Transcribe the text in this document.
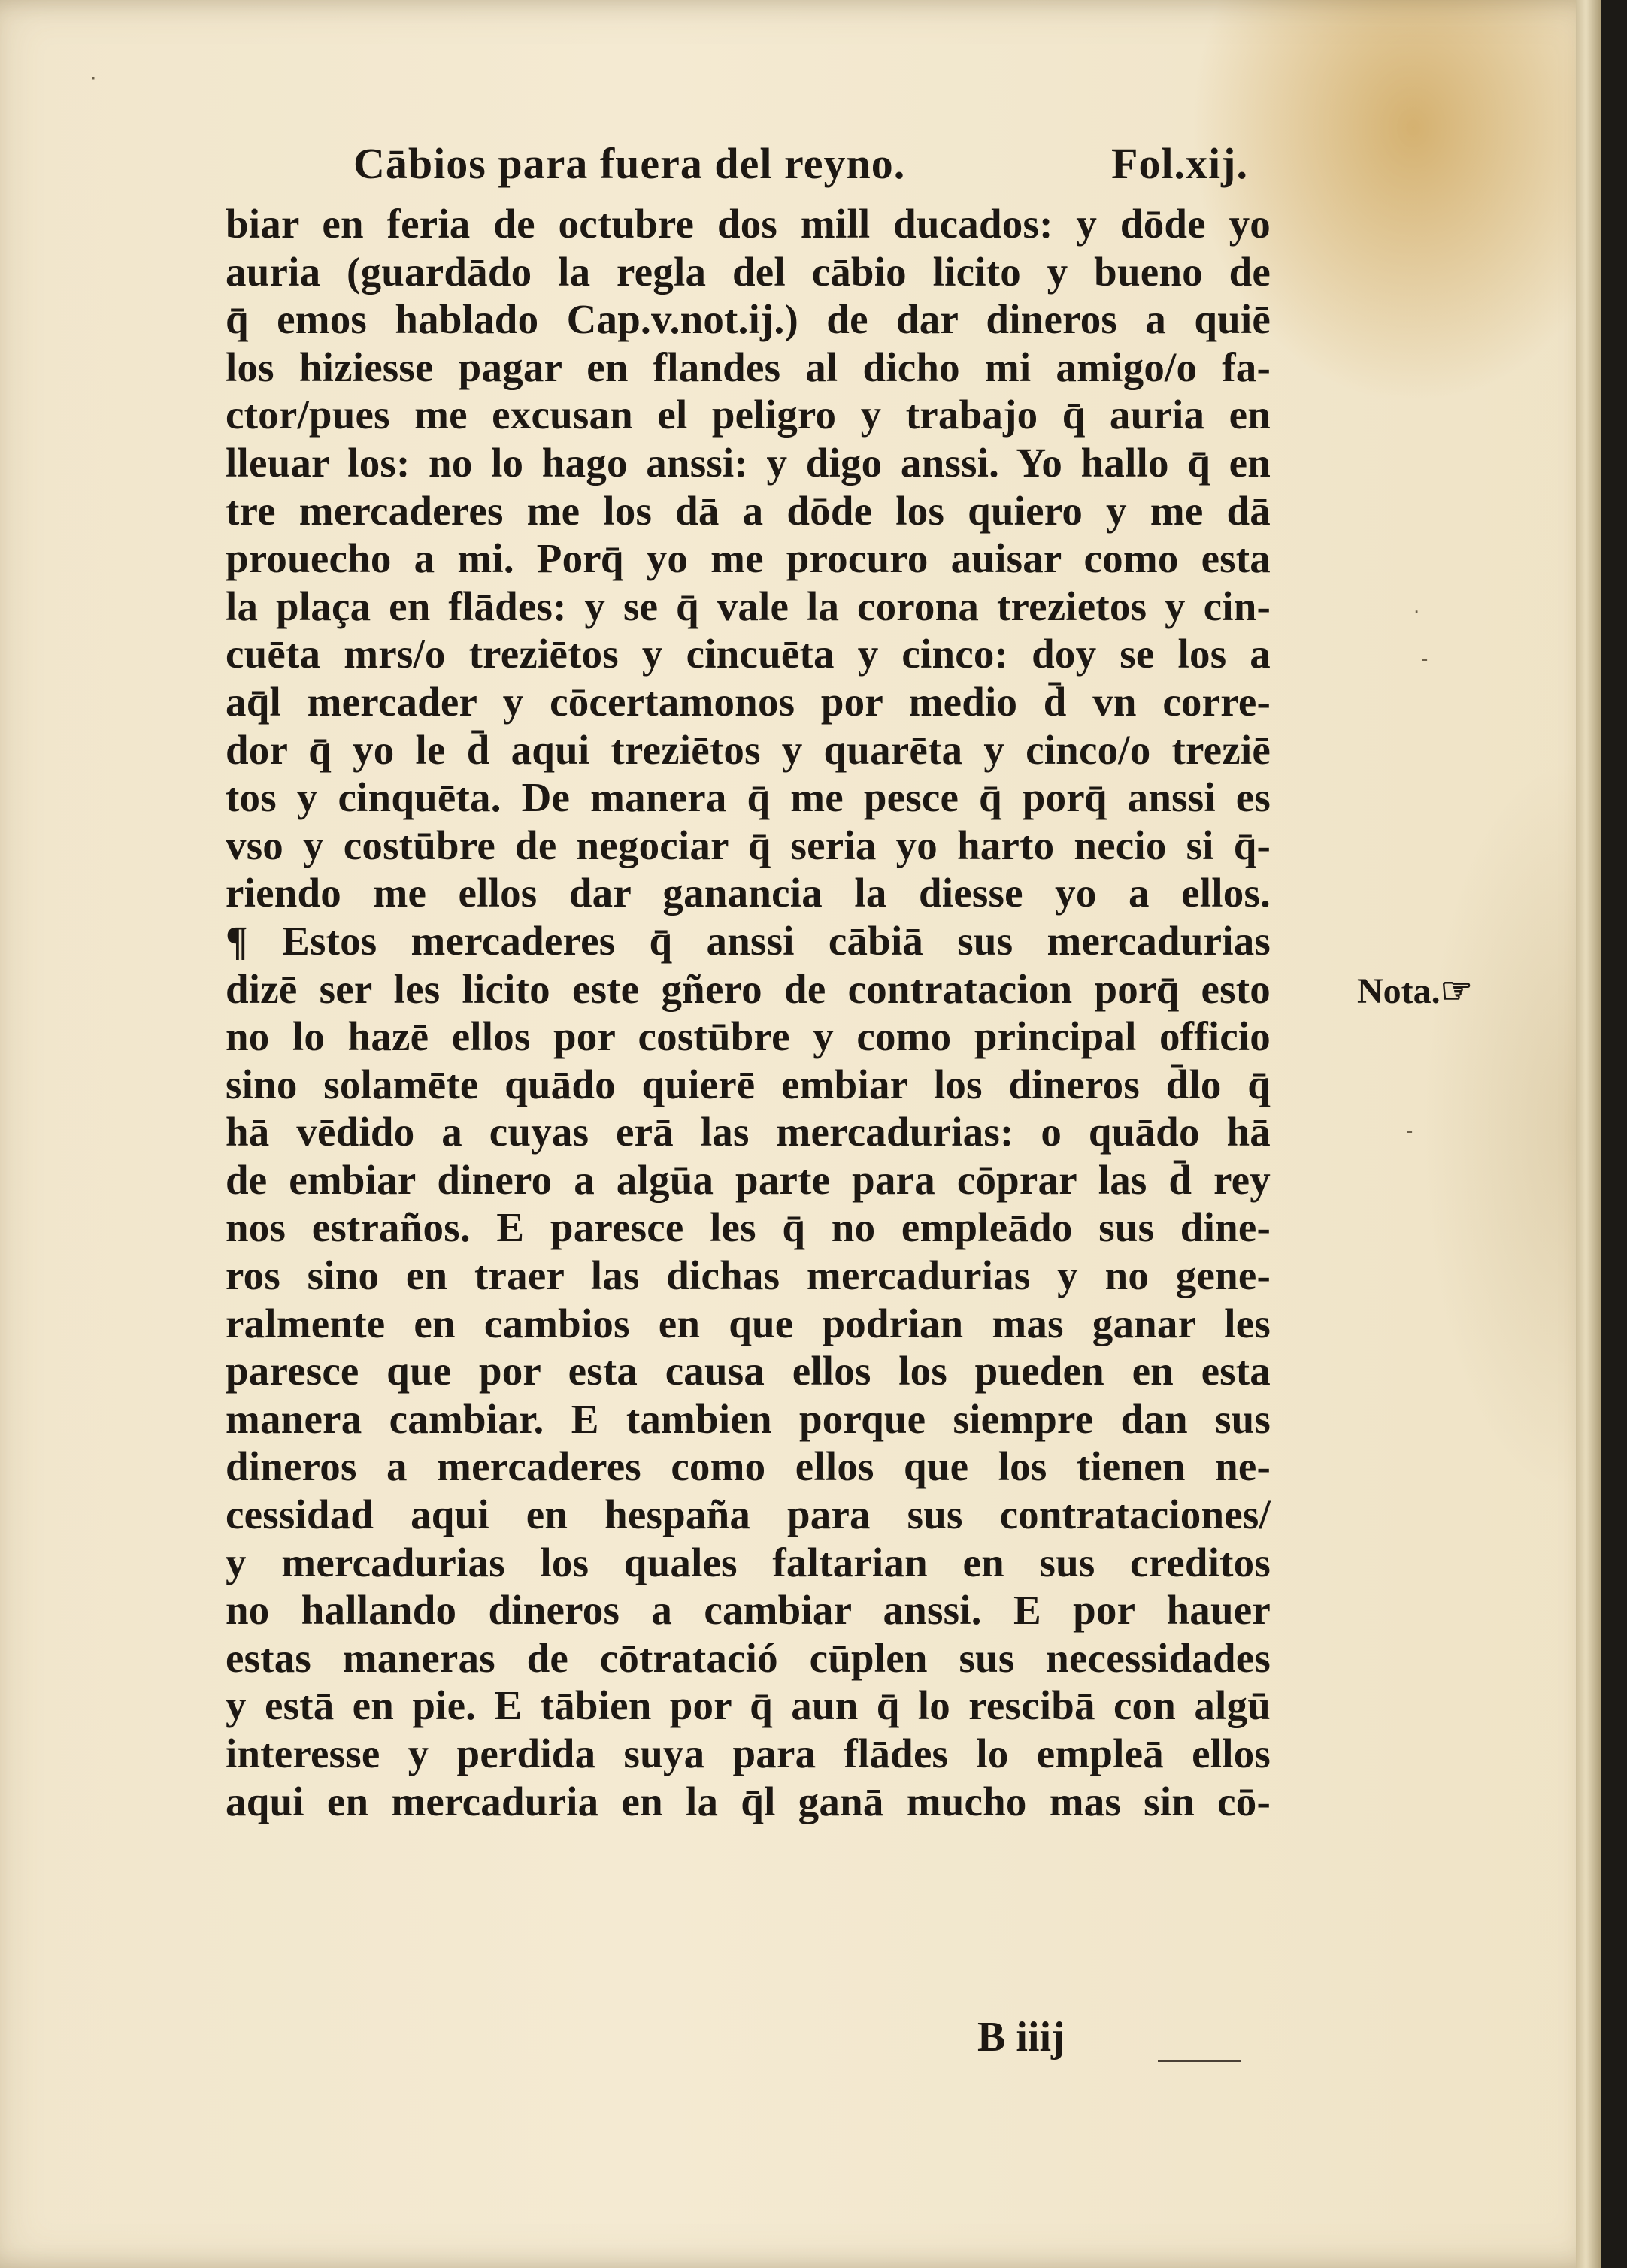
Cābios para fuera del reyno.	Fol.xij.
biar en feria de octubre dos mill ducados: y dōde yo
auria (guardādo la regla del cābio licito y bueno de
q̄ emos hablado Cap.v.not.ij.) de dar dineros a quiē
los hiziesse pagar en flandes al dicho mi amigo/o fa-
ctor/pues me excusan el peligro y trabajo q̄ auria en
lleuar los: no lo hago anssi: y digo anssi. Yo hallo q̄ en
tre mercaderes me los dā a dōde los quiero y me dā
prouecho a mi. Porq̄ yo me procuro auisar como esta
la plaça en flādes: y se q̄ vale la corona trezietos y cin-
cuēta mrs/o treziētos y cincuēta y cinco: doy se los a
aq̄l mercader y cōcertamonos por medio d̄ vn corre-
dor q̄ yo le d̄ aqui treziētos y quarēta y cinco/o treziē
tos y cinquēta. De manera q̄ me pesce q̄ porq̄ anssi es
vso y costūbre de negociar q̄ seria yo harto necio si q̄-
riendo me ellos dar ganancia la diesse yo a ellos.
¶ Estos mercaderes q̄ anssi cābiā sus mercadurias
dizē ser les licito este gñero de contratacion porq̄ esto
no lo hazē ellos por costūbre y como principal officio
sino solamēte quādo quierē embiar los dineros d̄lo q̄
hā vēdido a cuyas erā las mercadurias: o quādo hā
de embiar dinero a algūa parte para cōprar las d̄ rey
nos estraños. E paresce les q̄ no empleādo sus dine-
ros sino en traer las dichas mercadurias y no gene-
ralmente en cambios en que podrian mas ganar les
paresce que por esta causa ellos los pueden en esta
manera cambiar. E tambien porque siempre dan sus
dineros a mercaderes como ellos que los tienen ne-
cessidad aqui en hespaña para sus contrataciones/
y mercadurias los quales faltarian en sus creditos
no hallando dineros a cambiar anssi. E por hauer
estas maneras de cōtratació cūplen sus necessidades
y estā en pie. E tābien por q̄ aun q̄ lo rescibā con algū
interesse y perdida suya para flādes lo empleā ellos
aqui en mercaduria en la q̄l ganā mucho mas sin cō-
Nota.☞
B iiij
·
·
-
-
